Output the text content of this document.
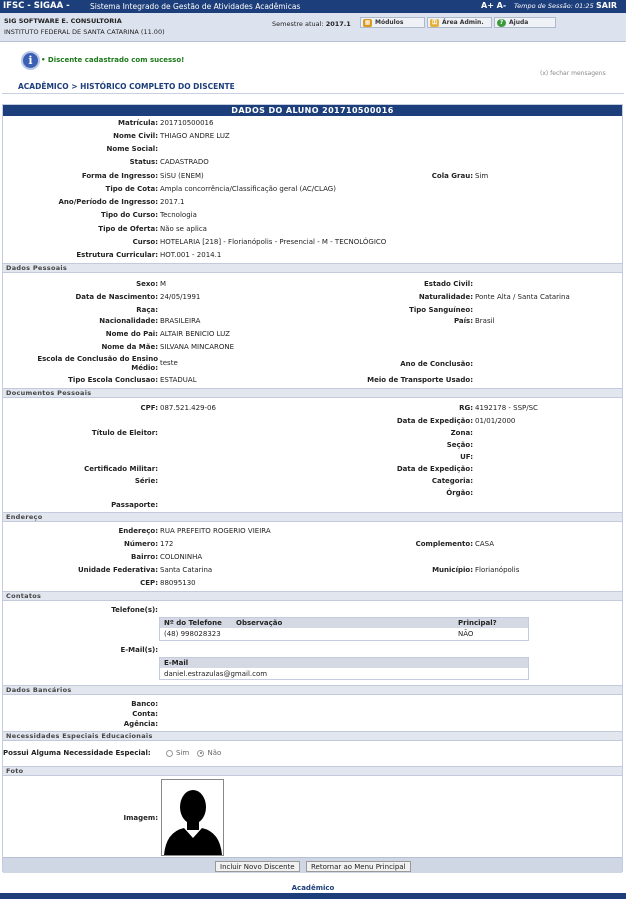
IFSC - SIGAA -	Sistema Integrado de Gestão de Atividades Acadêmicas	A+ A- Tempo de Sessão: 01:25 SAIR
SIG SOFTWARE E. CONSULTORIA
INSTITUTO FEDERAL DE SANTA CATARINA (11.00)
Semestre atual: 2017.1 ▦ Módulos	⚿ Área Admin.	? Ajuda
i	• Discente cadastrado com sucesso!
(x) fechar mensagens
ACADÊMICO > HISTÓRICO COMPLETO DO DISCENTE
DADOS DO ALUNO 201710500016
Matrícula: 201710500016
Nome Civil: THIAGO ANDRE LUZ
Nome Social:
Status: CADASTRADO
Forma de Ingresso: SiSU (ENEM)	Cola Grau: Sim
Tipo de Cota: Ampla concorrência/Classificação geral (AC/CLAG)
Ano/Período de Ingresso: 2017.1
Tipo do Curso: Tecnologia
Tipo de Oferta: Não se aplica
Curso: HOTELARIA [218] - Florianópolis - Presencial - M - TECNOLÓGICO
Estrutura Curricular: HOT.001 - 2014.1
Dados Pessoais
Sexo: M	Estado Civil:
Data de Nascimento: 24/05/1991	Naturalidade: Ponte Alta / Santa Catarina
Raça:	Tipo Sanguíneo:
Nacionalidade: BRASILEIRA	País: Brasil
Nome do Pai: ALTAIR BENICIO LUZ
Nome da Mãe: SILVANA MINCARONE
Escola de Conclusão do Ensino
Médio:
teste	Ano de Conclusão:
Tipo Escola Conclusao: ESTADUAL	Meio de Transporte Usado:
Documentos Pessoais
CPF: 087.521.429-06	RG: 4192178 - SSP/SC
Data de Expedição: 01/01/2000
Título de Eleitor:	Zona:
Seção:
UF:
Certificado Militar:	Data de Expedição:
Série:	Categoria:
Órgão:
Passaporte:
Endereço
Endereço: RUA PREFEITO ROGERIO VIEIRA
Número: 172	Complemento: CASA
Bairro: COLONINHA
Unidade Federativa: Santa Catarina	Município: Florianópolis
CEP: 88095130
Contatos
Telefone(s):
Nº do Telefone Observação	Principal?
(48) 998028323	NÃO
E-Mail(s):
E-Mail
daniel.estrazulas@gmail.com
Dados Bancários
Banco:
Conta:
Agência:
Necessidades Especiais Educacionais
Possui Alguma Necessidade Especial:	Sim	Não
Foto
Imagem:
Incluir Novo Discente	Retornar ao Menu Principal
Acadêmico
